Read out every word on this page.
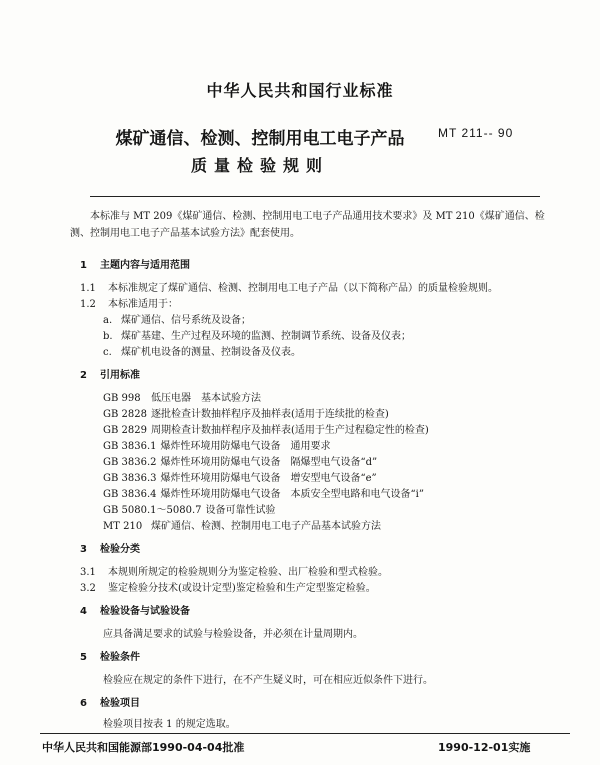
中华人民共和国行业标准
煤矿通信、检测、控制用电工电子产品
质量检验规则
MT 211-- 90
本标准与 MT 209《煤矿通信、检测、控制用电工电子产品通用技术要求》及 MT 210《煤矿通信、检测、控制用电工电子产品基本试验方法》配套使用。
1 主题内容与适用范围
1.1 本标准规定了煤矿通信、检测、控制用电工电子产品（以下简称产品）的质量检验规则。
1.2 本标准适用于：
a. 煤矿通信、信号系统及设备；
b. 煤矿基建、生产过程及环境的监测、控制调节系统、设备及仪表；
c. 煤矿机电设备的测量、控制设备及仪表。
2 引用标准
GB 998 低压电器　基本试验方法
GB 2828 逐批检查计数抽样程序及抽样表(适用于连续批的检查)
GB 2829 周期检查计数抽样程序及抽样表(适用于生产过程稳定性的检查)
GB 3836.1 爆炸性环境用防爆电气设备　通用要求
GB 3836.2 爆炸性环境用防爆电气设备　隔爆型电气设备“d”
GB 3836.3 爆炸性环境用防爆电气设备　增安型电气设备“e”
GB 3836.4 爆炸性环境用防爆电气设备　本质安全型电路和电气设备“i”
GB 5080.1～5080.7 设备可靠性试验
MT 210 煤矿通信、检测、控制用电工电子产品基本试验方法
3 检验分类
3.1 本规则所规定的检验规则分为鉴定检验、出厂检验和型式检验。
3.2 鉴定检验分技术(或设计定型)鉴定检验和生产定型鉴定检验。
4 检验设备与试验设备
应具备满足要求的试验与检验设备，并必须在计量周期内。
5 检验条件
检验应在规定的条件下进行，在不产生疑义时，可在相应近似条件下进行。
6 检验项目
检验项目按表 1 的规定选取。
中华人民共和国能源部1990-04-04批准	1990-12-01实施
